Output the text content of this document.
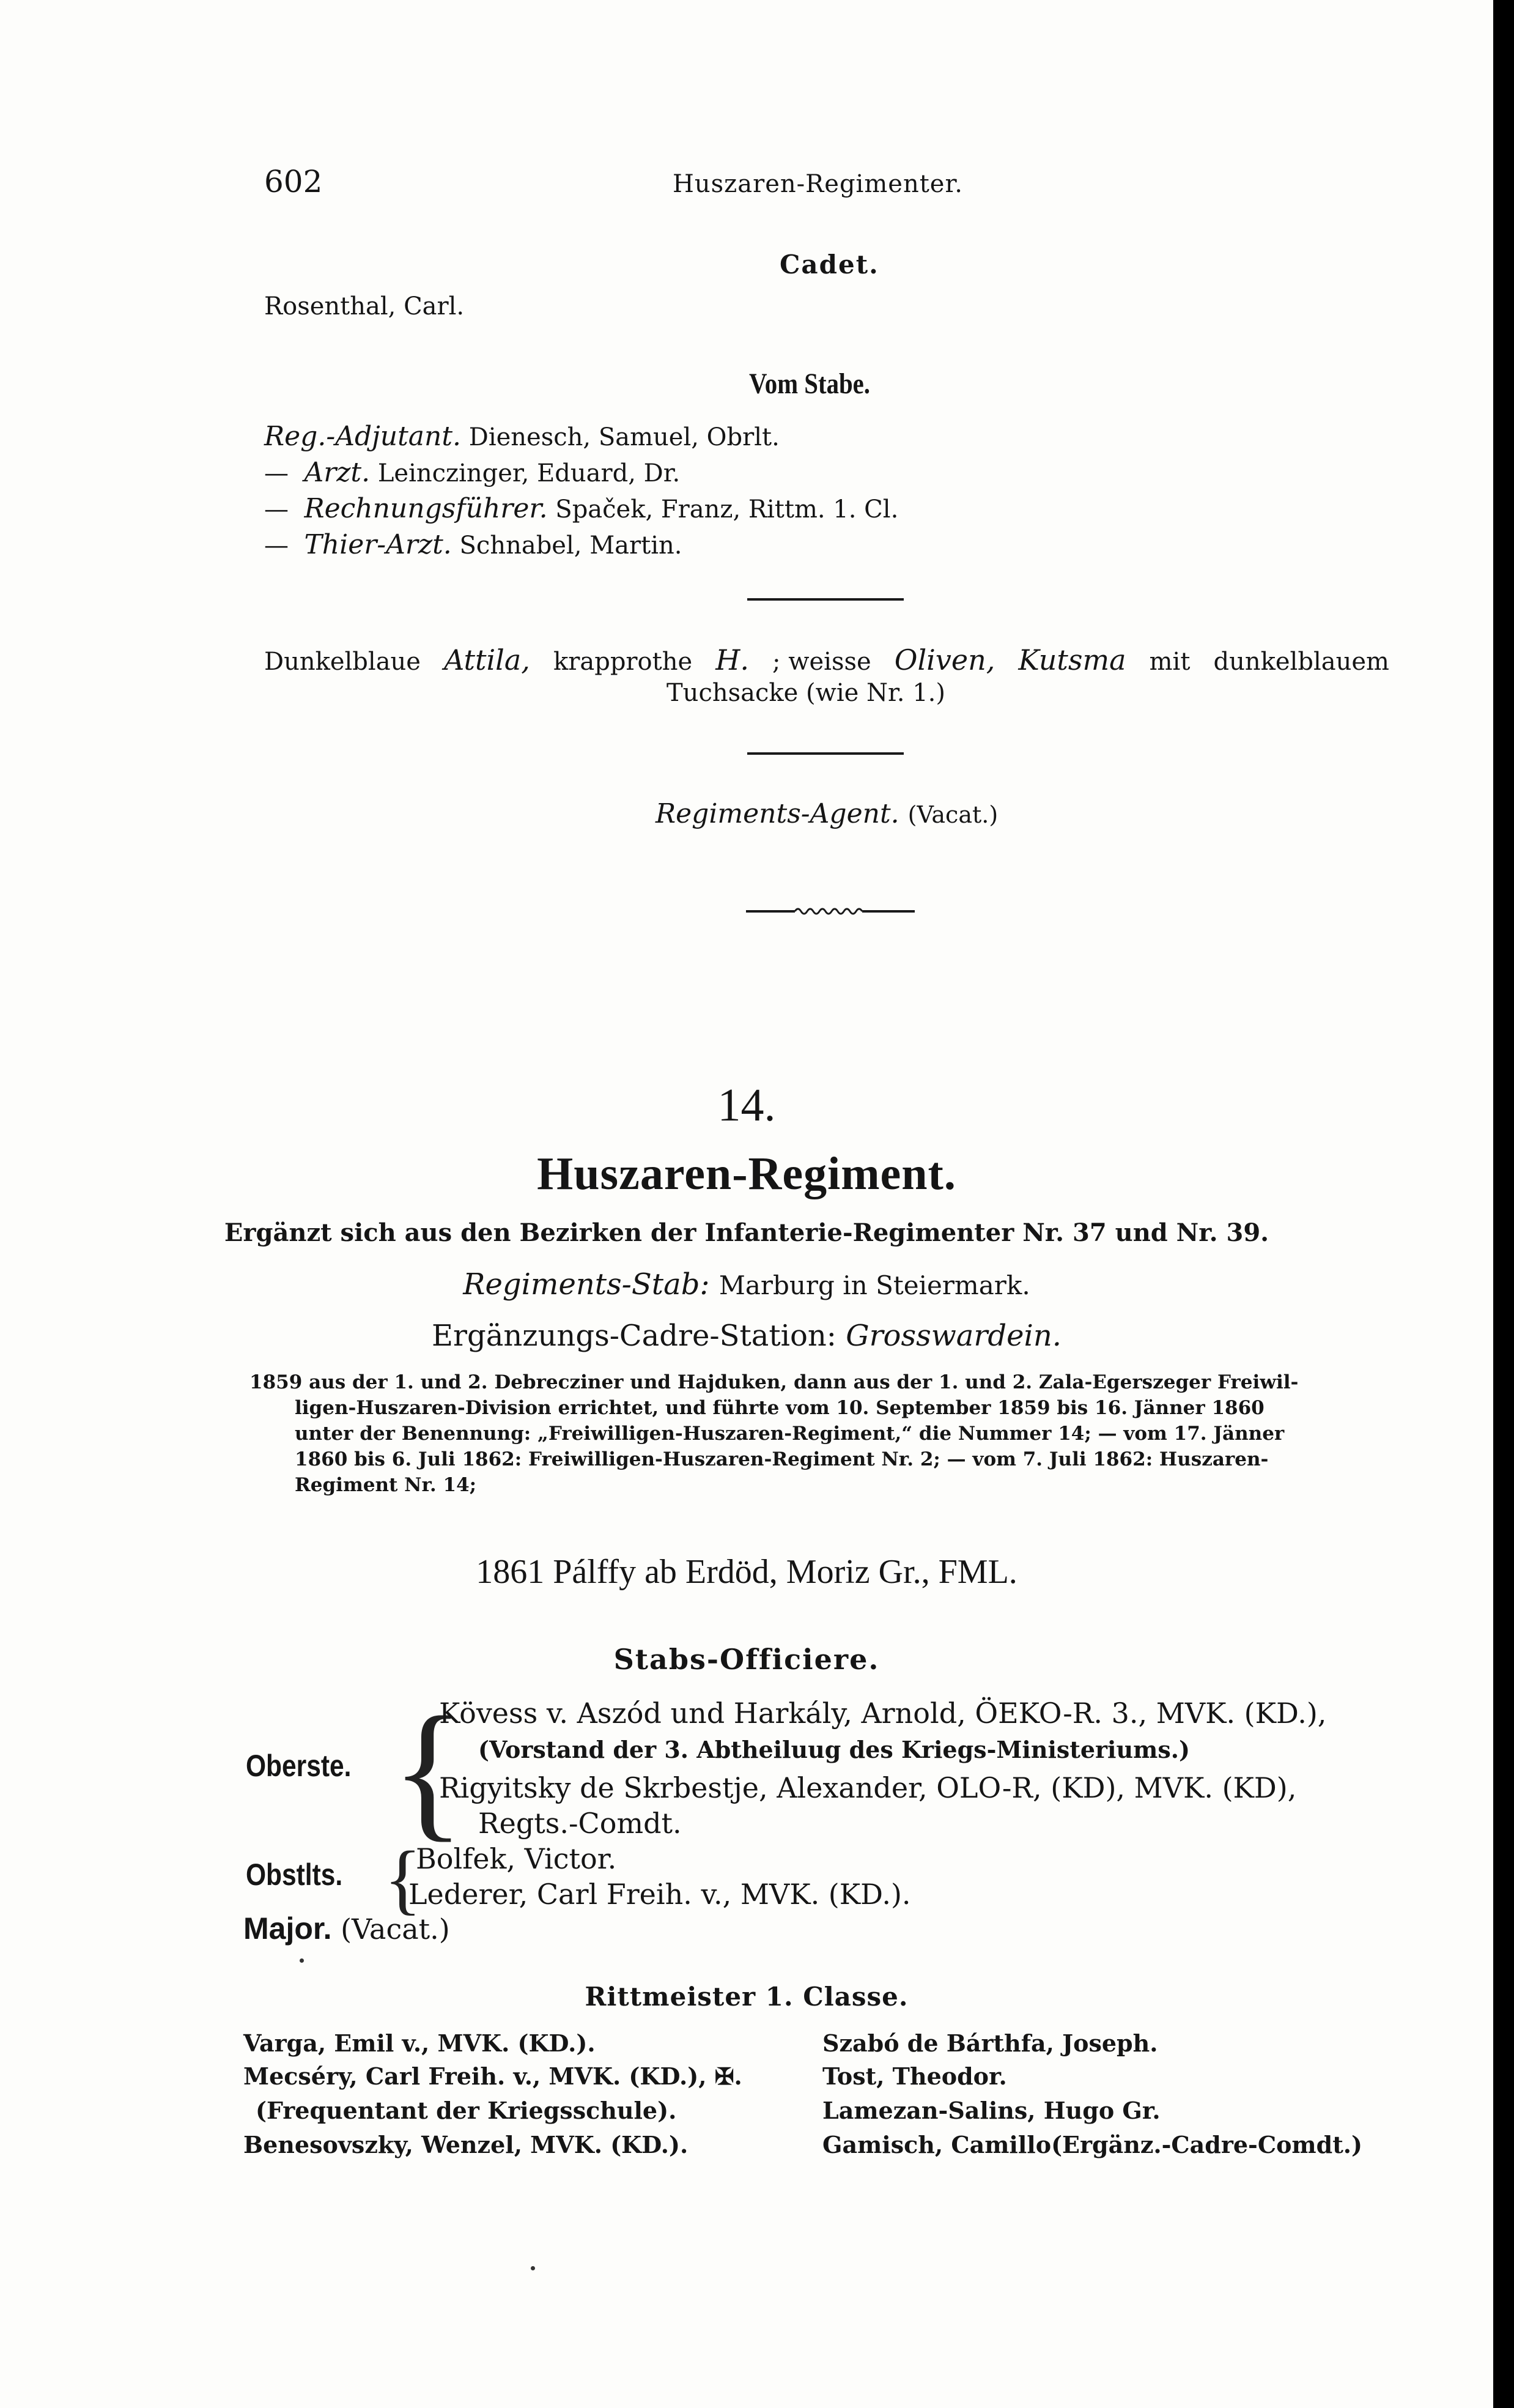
602	Huszaren-Regimenter.
Cadet.
Rosenthal, Carl.
Vom Stabe.
Reg.-Adjutant. Dienesch, Samuel, Obrlt.
— Arzt. Leinczinger, Eduard, Dr.
— Rechnungsführer. Spaček, Franz, Rittm. 1. Cl.
— Thier-Arzt. Schnabel, Martin.
Dunkelblaue Attila, krapprothe H. ; weisse Oliven, Kutsma mit dunkelblauem
Tuchsacke (wie Nr. 1.)
Regiments-Agent. (Vacat.)
14.
Huszaren-Regiment.
Ergänzt sich aus den Bezirken der Infanterie-Regimenter Nr. 37 und Nr. 39.
Regiments-Stab: Marburg in Steiermark.
Ergänzungs-Cadre-Station: Grosswardein.
1859 aus der 1. und 2. Debrecziner und Hajduken, dann aus der 1. und 2. Zala-Egerszeger Freiwil-
ligen-Huszaren-Division errichtet, und führte vom 10. September 1859 bis 16. Jänner 1860
unter der Benennung: „Freiwilligen-Huszaren-Regiment,“ die Nummer 14; — vom 17. Jänner
1860 bis 6. Juli 1862: Freiwilligen-Huszaren-Regiment Nr. 2; — vom 7. Juli 1862: Huszaren-
Regiment Nr. 14;
1861 Pálffy ab Erdöd, Moriz Gr., FML.
Stabs-Officiere.
{
Oberste.
Kövess v. Aszód und Harkály, Arnold, ÖEKO-R. 3., MVK. (KD.),
(Vorstand der 3. Abtheiluug des Kriegs-Ministeriums.)
Rigyitsky de Skrbestje, Alexander, OLO-R, (KD), MVK. (KD),
Regts.-Comdt.
{
Obstlts.	Bolfek, Victor.
Lederer, Carl Freih. v., MVK. (KD.).
Major. (Vacat.)
Rittmeister 1. Classe.
Varga, Emil v., MVK. (KD.).
Mecséry, Carl Freih. v., MVK. (KD.), ✠.
(Frequentant der Kriegsschule).
Benesovszky, Wenzel, MVK. (KD.).
Szabó de Bárthfa, Joseph.
Tost, Theodor.
Lamezan-Salins, Hugo Gr.
Gamisch, Camillo(Ergänz.-Cadre-Comdt.)
